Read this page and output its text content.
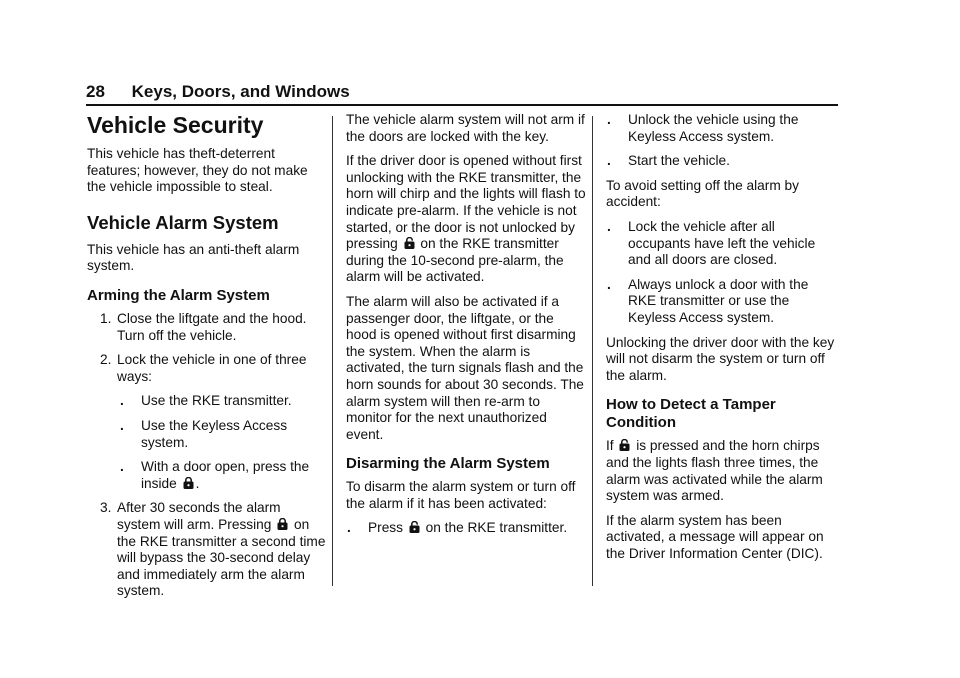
28 Keys, Doors, and Windows
Vehicle Security

This vehicle has theft-deterrent features; however, they do not make the vehicle impossible to steal.

Vehicle Alarm System

This vehicle has an anti-theft alarm system.

Arming the Alarm System
1. Close the liftgate and the hood. Turn off the vehicle.
2. Lock the vehicle in one of three ways:
. Use the RKE transmitter.
. Use the Keyless Access system.
. With a door open, press the inside .
3. After 30 seconds the alarm system will arm. Pressing on the RKE transmitter a second time will bypass the 30-second delay and immediately arm the alarm system.

The vehicle alarm system will not arm if the doors are locked with the key.

If the driver door is opened without first unlocking with the RKE transmitter, the horn will chirp and the lights will flash to indicate pre-alarm. If the vehicle is not started, or the door is not unlocked by pressing on the RKE transmitter during the 10-second pre-alarm, the alarm will be activated.

The alarm will also be activated if a passenger door, the liftgate, or the hood is opened without first disarming the system. When the alarm is activated, the turn signals flash and the horn sounds for about 30 seconds. The alarm system will then re-arm to monitor for the next unauthorized event.

Disarming the Alarm System

To disarm the alarm system or turn off the alarm if it has been activated:

. Press on the RKE transmitter.
. Unlock the vehicle using the Keyless Access system.
. Start the vehicle.

To avoid setting off the alarm by accident:

. Lock the vehicle after all occupants have left the vehicle and all doors are closed.
. Always unlock a door with the RKE transmitter or use the Keyless Access system.

Unlocking the driver door with the key will not disarm the system or turn off the alarm.

How to Detect a Tamper Condition

If is pressed and the horn chirps and the lights flash three times, the alarm was activated while the alarm system was armed.

If the alarm system has been activated, a message will appear on the Driver Information Center (DIC).
